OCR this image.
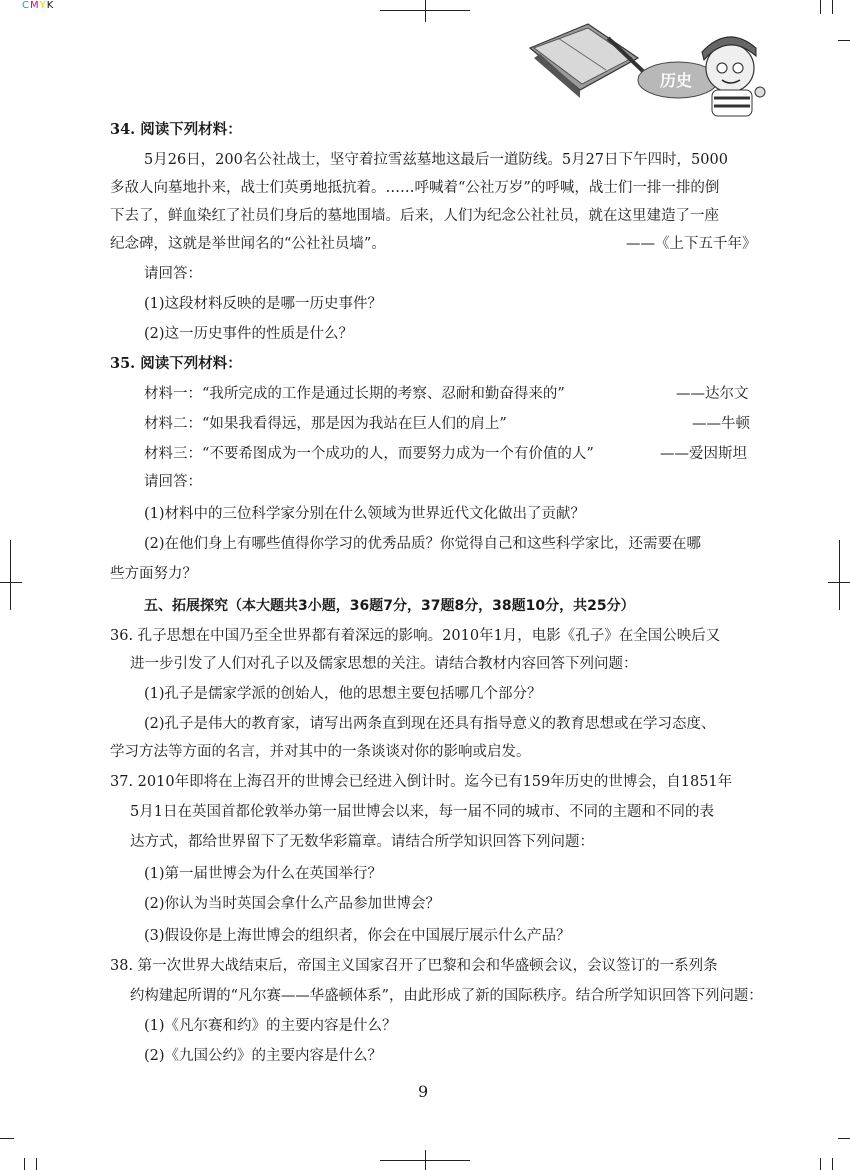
CMYK
历史
34. 阅读下列材料：
5月26日，200名公社战士，坚守着拉雪兹墓地这最后一道防线。5月27日下午四时，5000
多敌人向墓地扑来，战士们英勇地抵抗着。……呼喊着“公社万岁”的呼喊，战士们一排一排的倒
下去了，鲜血染红了社员们身后的墓地围墙。后来，人们为纪念公社社员，就在这里建造了一座
纪念碑，这就是举世闻名的“公社社员墙”。	——《上下五千年》
请回答：
(1)这段材料反映的是哪一历史事件？
(2)这一历史事件的性质是什么？
35. 阅读下列材料：
材料一：“我所完成的工作是通过长期的考察、忍耐和勤奋得来的”	——达尔文
材料二：“如果我看得远，那是因为我站在巨人们的肩上”	——牛顿
材料三：“不要希图成为一个成功的人，而要努力成为一个有价值的人”	——爱因斯坦
请回答：
(1)材料中的三位科学家分别在什么领域为世界近代文化做出了贡献？
(2)在他们身上有哪些值得你学习的优秀品质？你觉得自己和这些科学家比，还需要在哪
些方面努力？
五、拓展探究（本大题共3小题，36题7分，37题8分，38题10分，共25分）
36. 孔子思想在中国乃至全世界都有着深远的影响。2010年1月，电影《孔子》在全国公映后又
进一步引发了人们对孔子以及儒家思想的关注。请结合教材内容回答下列问题：
(1)孔子是儒家学派的创始人，他的思想主要包括哪几个部分？
(2)孔子是伟大的教育家，请写出两条直到现在还具有指导意义的教育思想或在学习态度、
学习方法等方面的名言，并对其中的一条谈谈对你的影响或启发。
37. 2010年即将在上海召开的世博会已经进入倒计时。迄今已有159年历史的世博会，自1851年
5月1日在英国首都伦敦举办第一届世博会以来，每一届不同的城市、不同的主题和不同的表
达方式，都给世界留下了无数华彩篇章。请结合所学知识回答下列问题：
(1)第一届世博会为什么在英国举行？
(2)你认为当时英国会拿什么产品参加世博会？
(3)假设你是上海世博会的组织者，你会在中国展厅展示什么产品？
38. 第一次世界大战结束后，帝国主义国家召开了巴黎和会和华盛顿会议，会议签订的一系列条
约构建起所谓的“凡尔赛——华盛顿体系”，由此形成了新的国际秩序。结合所学知识回答下列问题：
(1)《凡尔赛和约》的主要内容是什么？
(2)《九国公约》的主要内容是什么？
9
